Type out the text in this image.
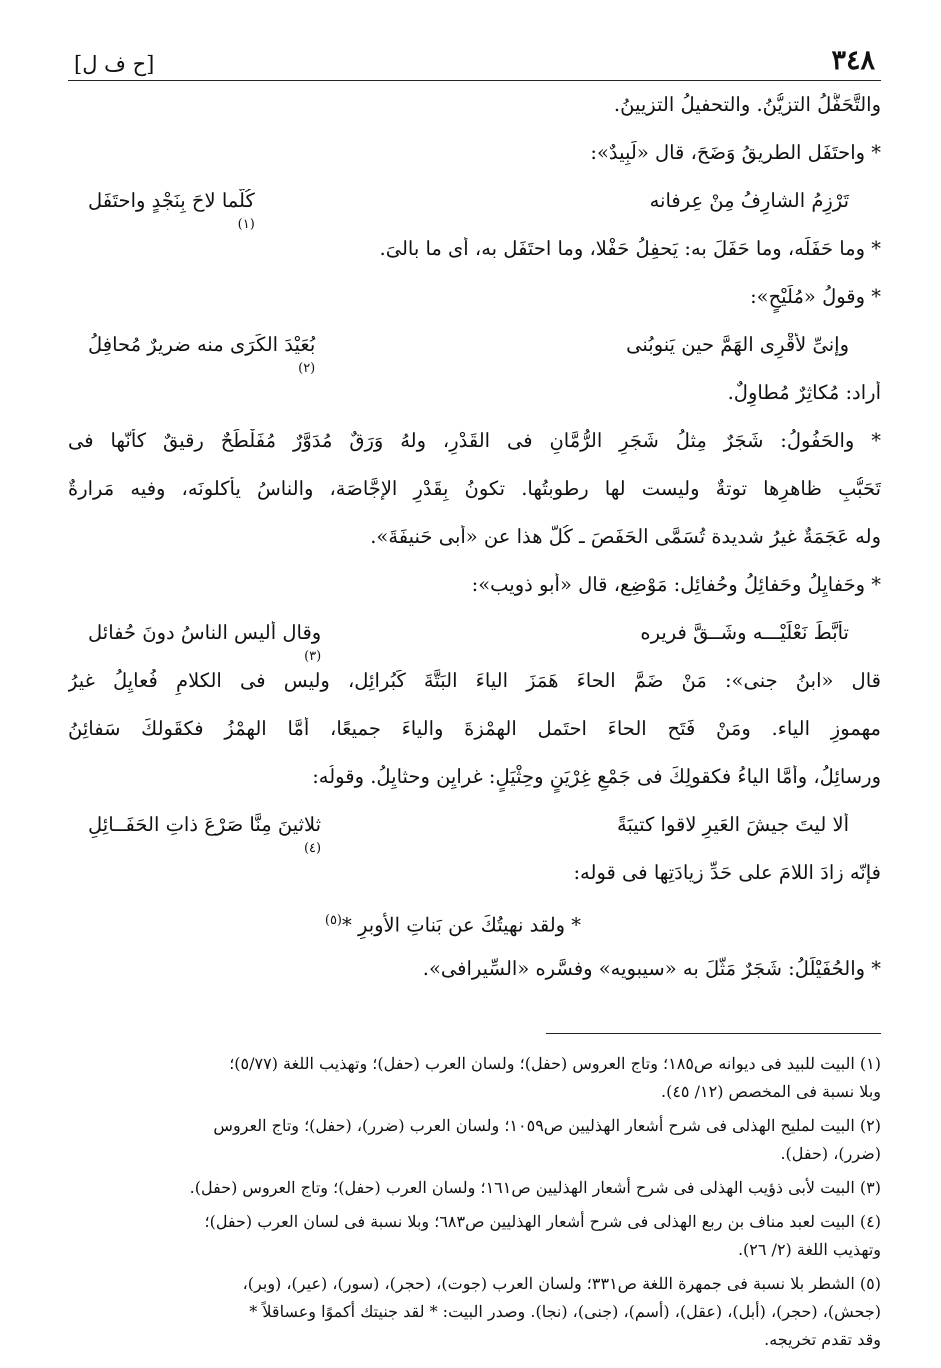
٣٤٨
[ح ف ل]
والتَّحَفُّلُ التزيُّنُ. والتحفيلُ التزيينُ.
* واحتَفَل الطريقُ وَضَحَ، قال «لَبِيدٌ»:
تَرْزِمُ الشارِفُ مِنْ عِرفانه
كُلَّما لاحَ بِنَجْدٍ واحتَفَل
(١)
* وما حَفَلَه، وما حَفَلَ به: يَحفِلُ حَفْلا، وما احتَفَل به، أى ما بالىَ.
* وقولُ «مُلَيْحٍ»:
وإنىِّ لأَقْرِى الهَمَّ حين يَنوبُنى
بُعَيْدَ الكَرَى منه ضريرٌ مُحافِلُ
(٢)
أراد: مُكاثِرٌ مُطاوِلٌ.
* والحَفُولُ: شَجَرٌ مِثلُ شَجَرِ الرُّمَّانِ فى القَدْرِ، ولهُ وَرَقٌ مُدَوَّرٌ مُفَلْطَحٌ رقيقٌ كأنّها فى
تَحَبُّبِ ظاهرِها توتةٌ وليست لها رطوبتُها. تكونُ بِقَدْرِ الإجَّاصَة، والناسُ يأكلونَه، وفيه مَرارةٌ
وله عَجَمَةٌ غيرُ شديدة تُسَمَّى الحَفَصَ ـ كُلُّ هذا عن «أبى حَنيفَةَ».
* وحَفايِلُ وحَفائِلُ وحُفائِل: مَوْضِع، قال «أبو ذويب»:
تأبَّطَ نَعْلَيْـــه وشَــقَّ فريره
وقال أليس الناسُ دونَ حُفائل
(٣)
قال «ابنُ جنى»: مَنْ ضَمَّ الحاءَ هَمَزَ الياءَ البَتَّةَ كَبُرائِل، وليس فى الكلامِ فُعايِلُ غيرُ
مهموزِ الياء. ومَنْ فَتَح الحاءَ احتَمل الهمْزةَ والياءَ جميعًا، أمَّا الهمْزُ فكقَولكَ سَفائِنُ
ورسائِلُ، وأمَّا الياءُ فكقولِكَ فى جَمْعِ غِرْيَنٍ وحِثْيَلٍ: غرايِن وحثايِلُ. وقولُه:
ألا ليتَ جيشَ العَيرِ لاقوا كتيبَةً
ثلاثينَ مِنَّا صَرْعَ ذاتِ الحَفَــائِلِ
(٤)
فإنّه زادَ اللامَ على حَدِّ زيادَتِها فى قوله:
* ولقد نهيتُكَ عن بَناتِ الأوبرِ *$^{(٥)}$
* والحُفَيْلَلُ: شَجَرٌ مَثَّلَ به «سيبويه» وفسَّره «السِّيرافى».
(١) البيت للبيد فى ديوانه ص١٨٥؛ وتاج العروس (حفل)؛ ولسان العرب (حفل)؛ وتهذيب اللغة (٥/٧٧)؛
وبلا نسبة فى المخصص (١٢/ ٤٥).
(٢) البيت لمليح الهذلى فى شرح أشعار الهذليين ص١٠٥٩؛ ولسان العرب (ضرر)، (حفل)؛ وتاج العروس
(ضرر)، (حفل).
(٣) البيت لأبى ذؤيب الهذلى فى شرح أشعار الهذليين ص١٦١؛ ولسان العرب (حفل)؛ وتاج العروس (حفل).
(٤) البيت لعبد مناف بن ربع الهذلى فى شرح أشعار الهذليين ص٦٨٣؛ وبلا نسبة فى لسان العرب (حفل)؛
وتهذيب اللغة (٢/ ٢٦).
(٥) الشطر بلا نسبة فى جمهرة اللغة ص٣٣١؛ ولسان العرب (جوت)، (حجر)، (سور)، (عير)، (وبر)،
(جحش)، (حجر)، (أبل)، (عقل)، (أسم)، (جنى)، (نجا). وصدر البيت: * لقد جنيتك أكموًا وعساقلاً *
وقد تقدم تخريجه.
